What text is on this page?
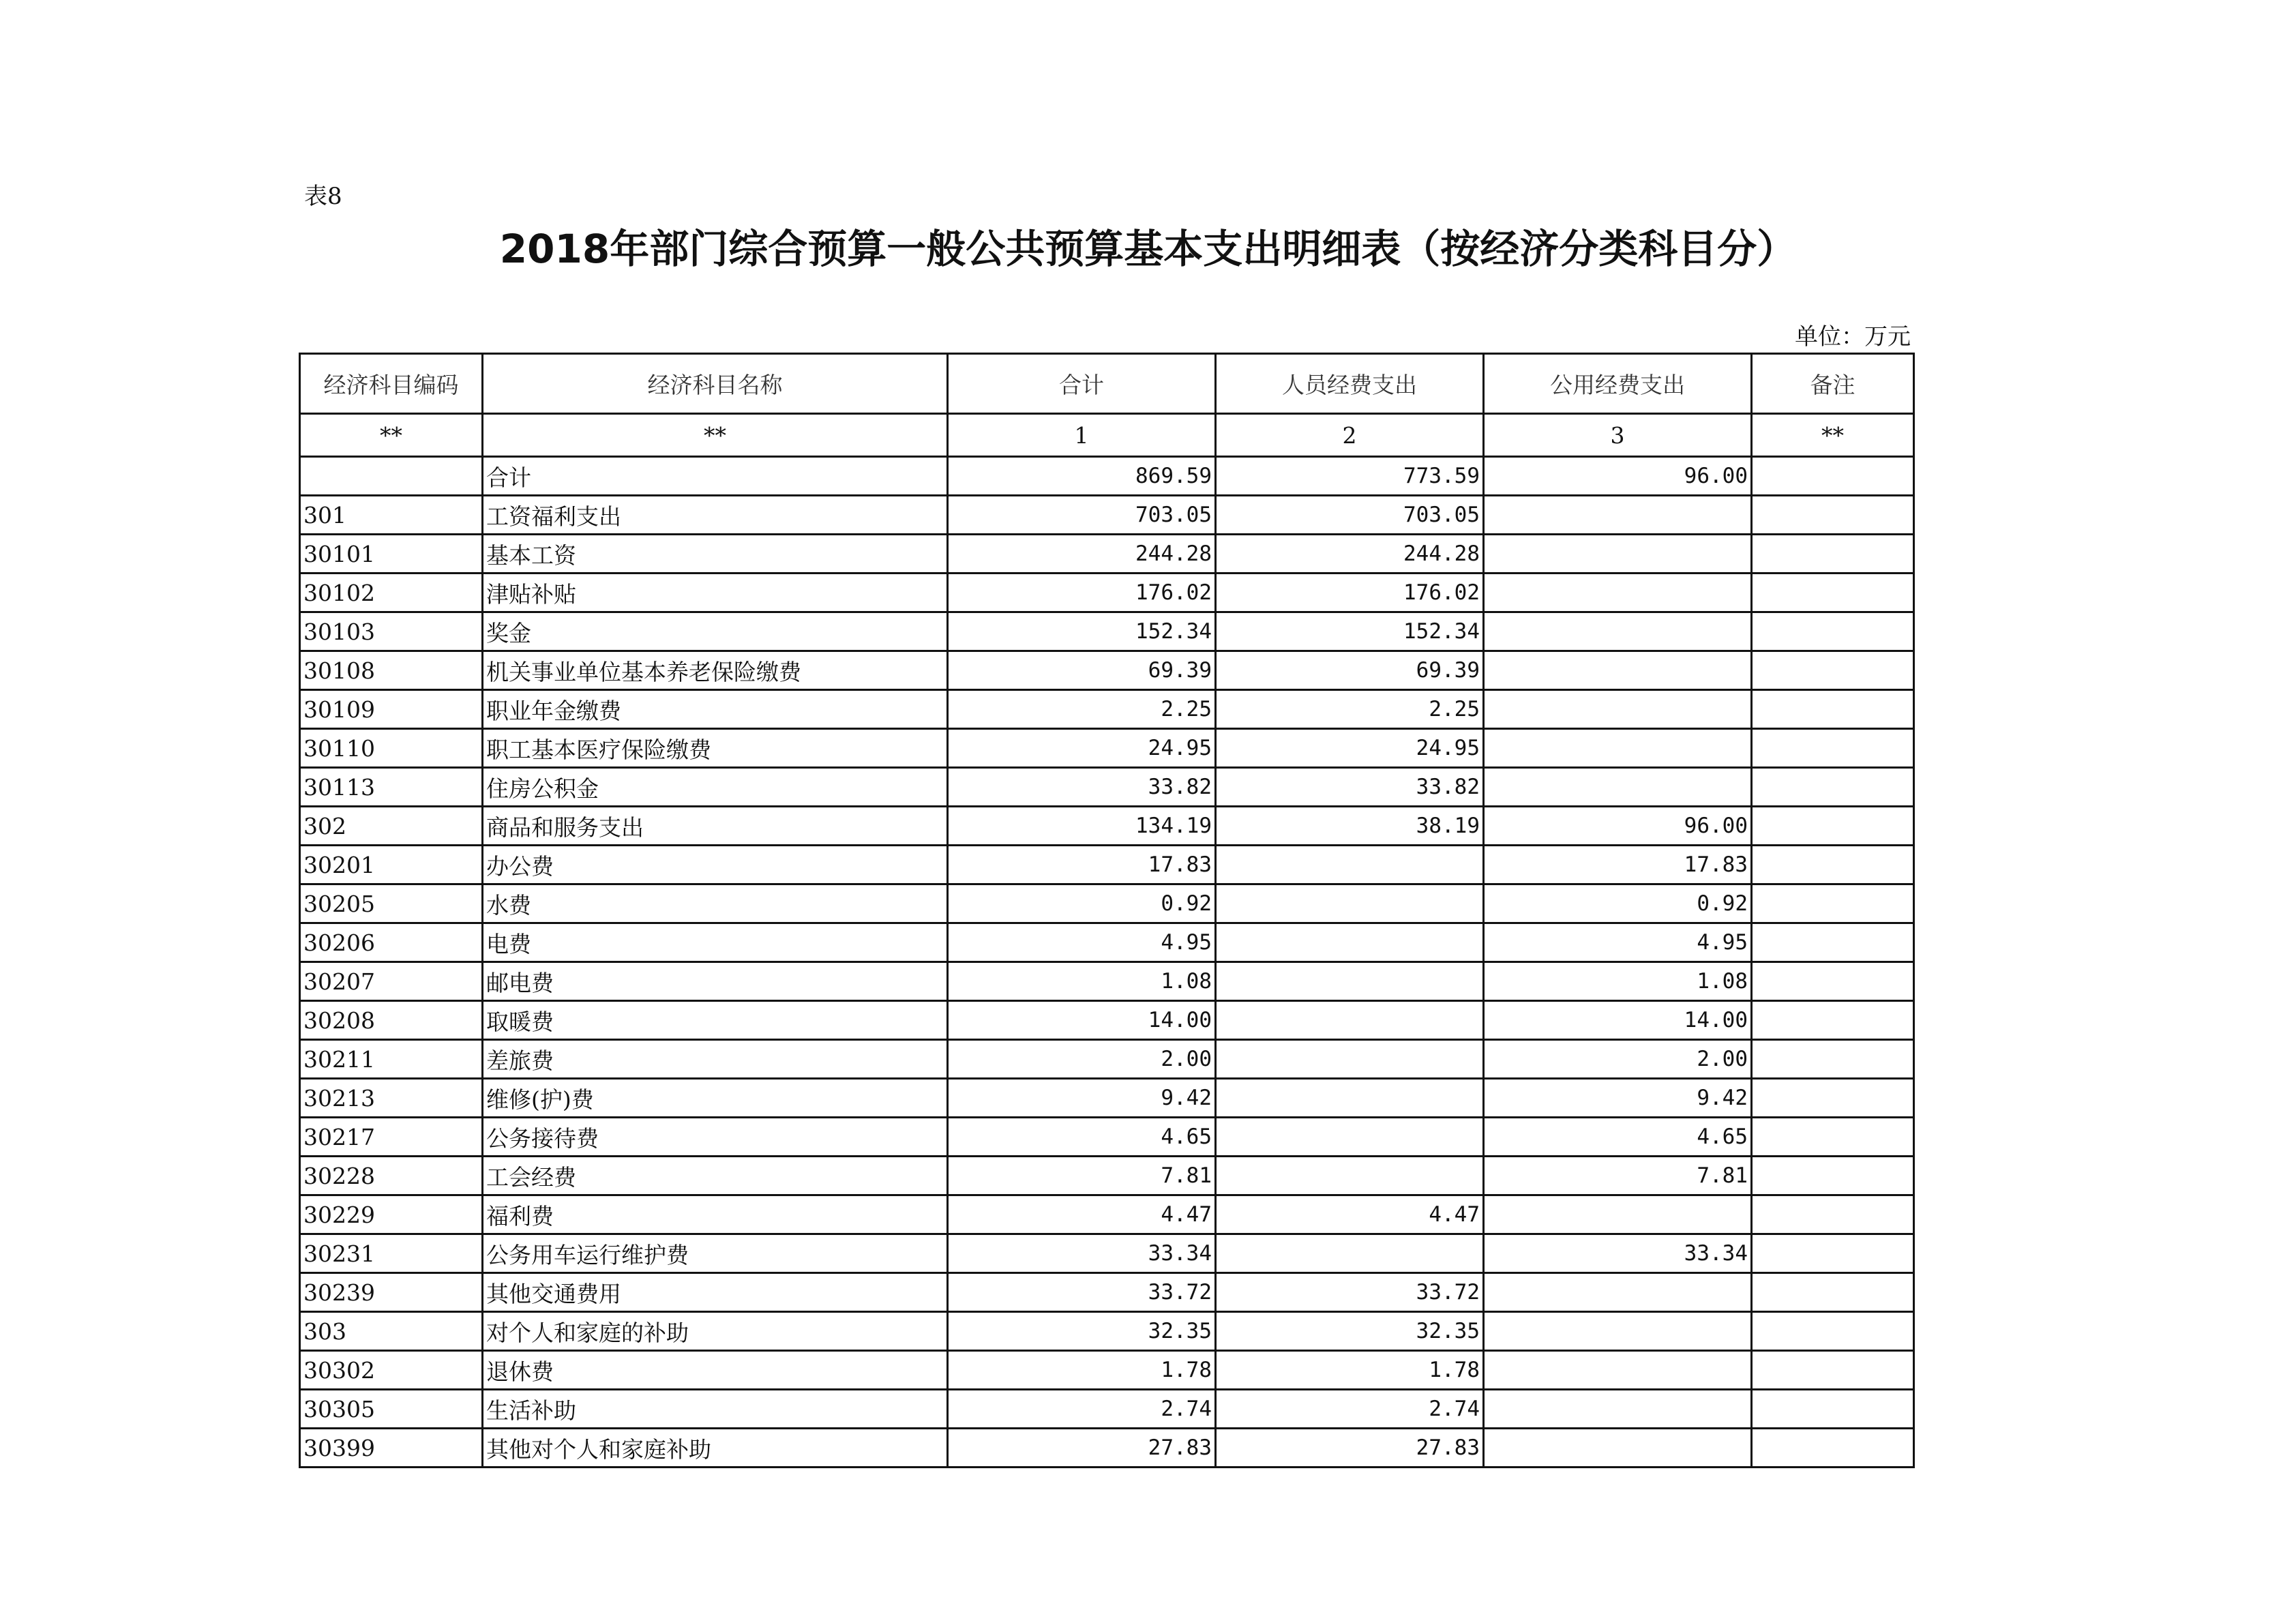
表8
2018年部门综合预算一般公共预算基本支出明细表（按经济分类科目分）
单位：万元
经济科目编码	经济科目名称	合计	人员经费支出	公用经费支出	备注
**	**	1	2	3	**
	合计	869.59	773.59	96.00	
301	工资福利支出	703.05	703.05		
30101	基本工资	244.28	244.28		
30102	津贴补贴	176.02	176.02		
30103	奖金	152.34	152.34		
30108	机关事业单位基本养老保险缴费	69.39	69.39		
30109	职业年金缴费	2.25	2.25		
30110	职工基本医疗保险缴费	24.95	24.95		
30113	住房公积金	33.82	33.82		
302	商品和服务支出	134.19	38.19	96.00	
30201	办公费	17.83		17.83	
30205	水费	0.92		0.92	
30206	电费	4.95		4.95	
30207	邮电费	1.08		1.08	
30208	取暖费	14.00		14.00	
30211	差旅费	2.00		2.00	
30213	维修(护)费	9.42		9.42	
30217	公务接待费	4.65		4.65	
30228	工会经费	7.81		7.81	
30229	福利费	4.47	4.47		
30231	公务用车运行维护费	33.34		33.34	
30239	其他交通费用	33.72	33.72		
303	对个人和家庭的补助	32.35	32.35		
30302	退休费	1.78	1.78		
30305	生活补助	2.74	2.74		
30399	其他对个人和家庭补助	27.83	27.83		
